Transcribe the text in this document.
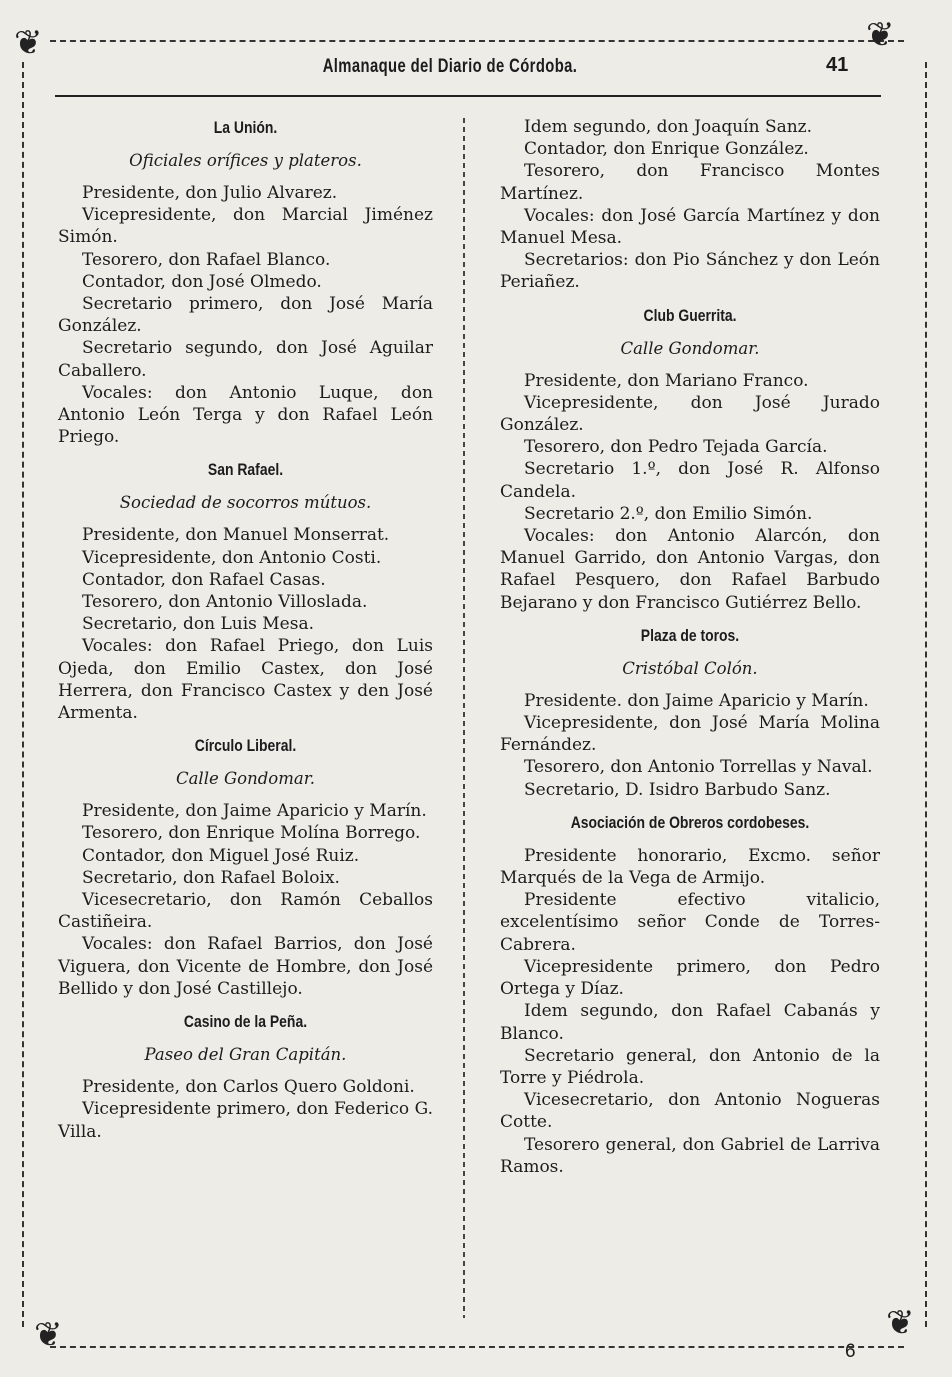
❦	❦
❦	❦
Almanaque del Diario de Córdoba.	41
La Unión.
Oficiales orífices y plateros.

Presidente, don Julio Alvarez.

Vicepresidente, don Marcial Jiménez Simón.

Tesorero, don Rafael Blanco.

Contador, don José Olmedo.

Secretario primero, don José María González.

Secretario segundo, don José Aguilar Caballero.

Vocales: don Antonio Luque, don Antonio León Terga y don Rafael León Priego.

San Rafael.
Sociedad de socorros mútuos.

Presidente, don Manuel Monserrat.

Vicepresidente, don Antonio Costi.

Contador, don Rafael Casas.

Tesorero, don Antonio Villoslada.

Secretario, don Luis Mesa.

Vocales: don Rafael Priego, don Luis Ojeda, don Emilio Castex, don José Herrera, don Francisco Castex y den José Armenta.

Círculo Liberal.
Calle Gondomar.

Presidente, don Jaime Aparicio y Marín.

Tesorero, don Enrique Molína Borrego.

Contador, don Miguel José Ruiz.

Secretario, don Rafael Boloix.

Vicesecretario, don Ramón Ceballos Castiñeira.

Vocales: don Rafael Barrios, don José Viguera, don Vicente de Hombre, don José Bellido y don José Castillejo.

Casino de la Peña.
Paseo del Gran Capitán.

Presidente, don Carlos Quero Goldoni.

Vicepresidente primero, don Federico G. Villa.

Idem segundo, don Joaquín Sanz.

Contador, don Enrique González.

Tesorero, don Francisco Montes Martínez.

Vocales: don José García Martínez y don Manuel Mesa.

Secretarios: don Pio Sánchez y don León Periañez.

Club Guerrita.
Calle Gondomar.

Presidente, don Mariano Franco.

Vicepresidente, don José Jurado González.

Tesorero, don Pedro Tejada García.

Secretario 1.º, don José R. Alfonso Candela.

Secretario 2.º, don Emilio Simón.

Vocales: don Antonio Alarcón, don Manuel Garrido, don Antonio Vargas, don Rafael Pesquero, don Rafael Barbudo Bejarano y don Francisco Gutiérrez Bello.

Plaza de toros.
Cristóbal Colón.

Presidente. don Jaime Aparicio y Marín.

Vicepresidente, don José María Molina Fernández.

Tesorero, don Antonio Torrellas y Naval.

Secretario, D. Isidro Barbudo Sanz.

Asociación de Obreros cordobeses.

Presidente honorario, Excmo. señor Marqués de la Vega de Armijo.

Presidente efectivo vitalicio, excelentísimo señor Conde de Torres-Cabrera.

Vicepresidente primero, don Pedro Ortega y Díaz.

Idem segundo, don Rafael Cabanás y Blanco.

Secretario general, don Antonio de la Torre y Piédrola.

Vicesecretario, don Antonio Nogueras Cotte.

Tesorero general, don Gabriel de Larriva Ramos.

6
